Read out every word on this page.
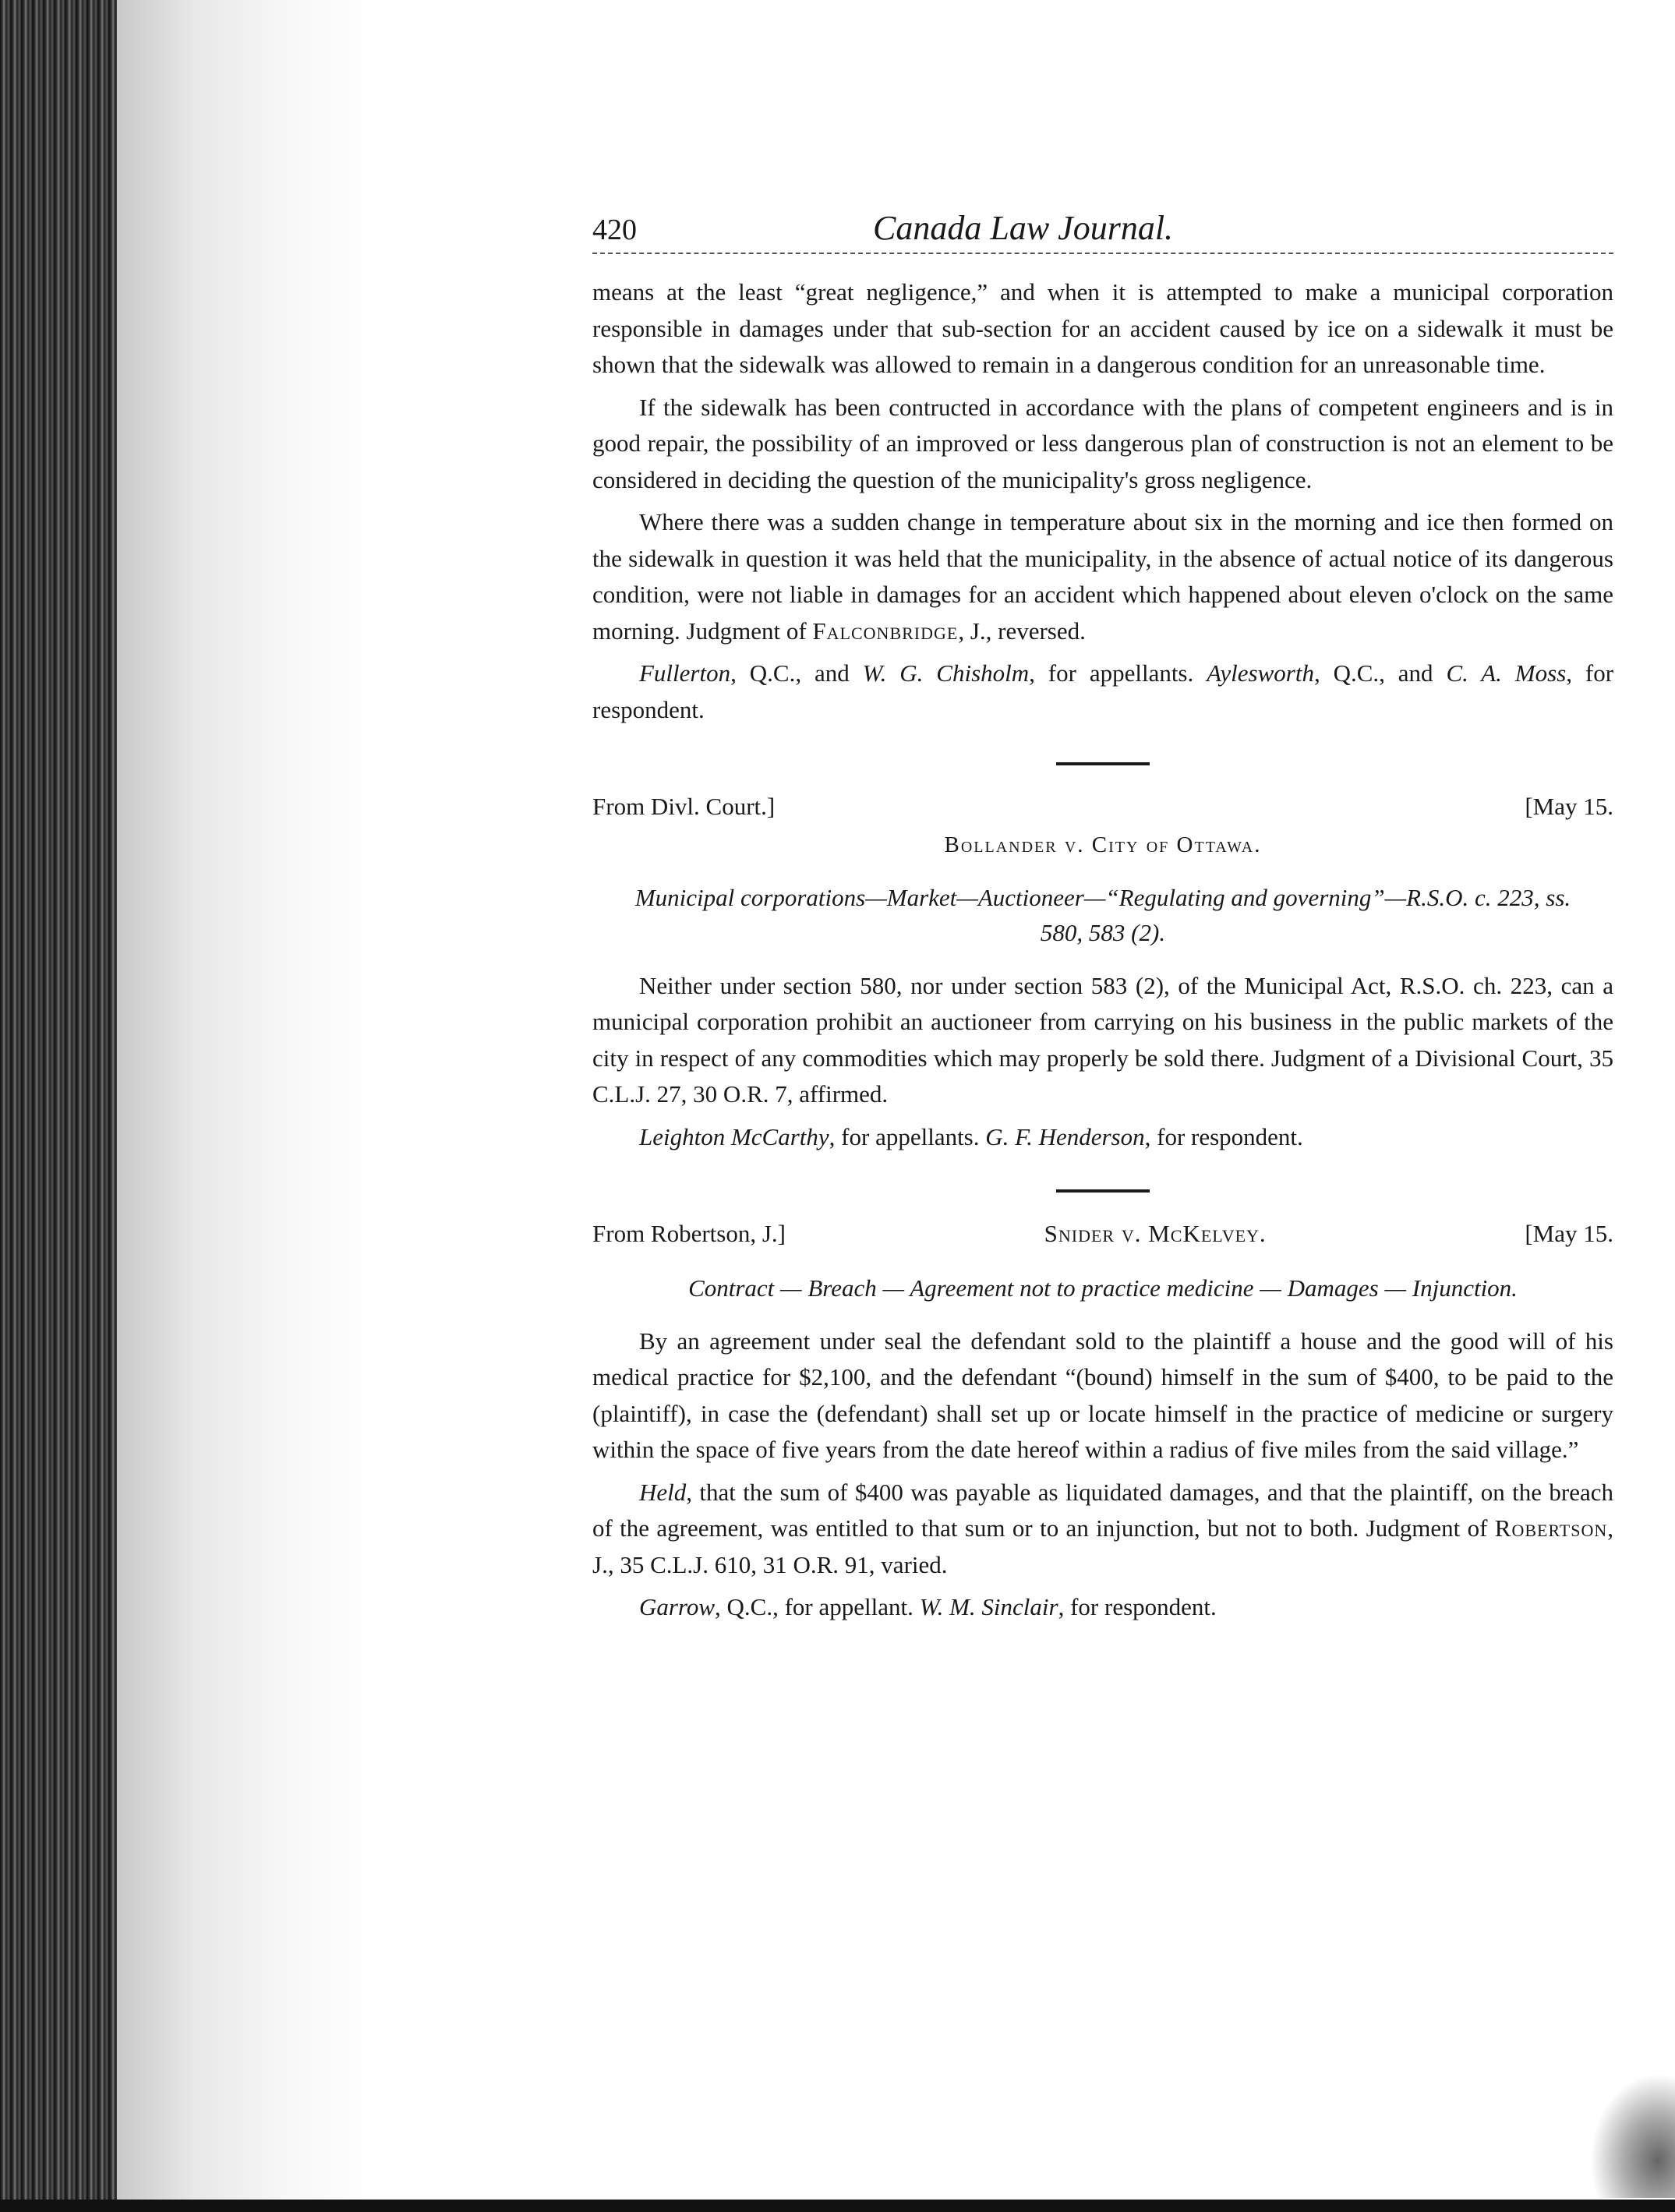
420	Canada Law Journal.

means at the least “great negligence,” and when it is attempted to make a municipal corporation responsible in damages under that sub-section for an accident caused by ice on a sidewalk it must be shown that the sidewalk was allowed to remain in a dangerous condition for an unreasonable time.

If the sidewalk has been contructed in accordance with the plans of competent engineers and is in good repair, the possibility of an improved or less dangerous plan of construction is not an element to be considered in deciding the question of the municipality's gross negligence.

Where there was a sudden change in temperature about six in the morning and ice then formed on the sidewalk in question it was held that the municipality, in the absence of actual notice of its dangerous condition, were not liable in damages for an accident which happened about eleven o'clock on the same morning. Judgment of Falconbridge, J., reversed.

Fullerton, Q.C., and W. G. Chisholm, for appellants. Aylesworth, Q.C., and C. A. Moss, for respondent.

From Divl. Court.]	[May 15.
Bollander v. City of Ottawa.
Municipal corporations—Market—Auctioneer—“Regulating and governing”—R.S.O. c. 223, ss. 580, 583 (2).

Neither under section 580, nor under section 583 (2), of the Municipal Act, R.S.O. ch. 223, can a municipal corporation prohibit an auctioneer from carrying on his business in the public markets of the city in respect of any commodities which may properly be sold there. Judgment of a Divisional Court, 35 C.L.J. 27, 30 O.R. 7, affirmed.

Leighton McCarthy, for appellants. G. F. Henderson, for respondent.

From Robertson, J.]	Snider v. McKelvey.	[May 15.
Contract — Breach — Agreement not to practice medicine — Damages — Injunction.

By an agreement under seal the defendant sold to the plaintiff a house and the good will of his medical practice for $2,100, and the defendant “(bound) himself in the sum of $400, to be paid to the (plaintiff), in case the (defendant) shall set up or locate himself in the practice of medicine or surgery within the space of five years from the date hereof within a radius of five miles from the said village.”

Held, that the sum of $400 was payable as liquidated damages, and that the plaintiff, on the breach of the agreement, was entitled to that sum or to an injunction, but not to both. Judgment of Robertson, J., 35 C.L.J. 610, 31 O.R. 91, varied.

Garrow, Q.C., for appellant. W. M. Sinclair, for respondent.
